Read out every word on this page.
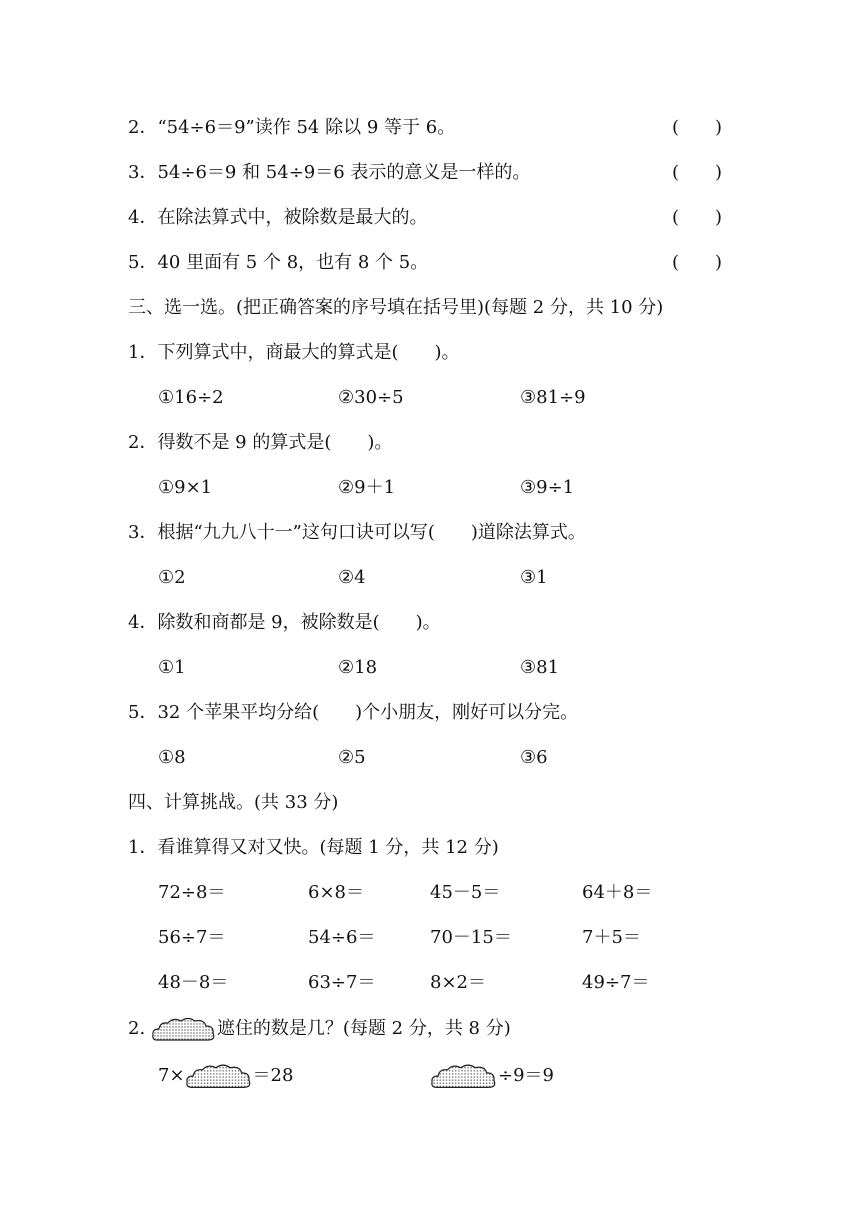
2．“54÷6＝9”读作 54 除以 9 等于 6。	(　　)
3．54÷6＝9 和 54÷9＝6 表示的意义是一样的。	(　　)
4．在除法算式中，被除数是最大的。	(　　)
5．40 里面有 5 个 8，也有 8 个 5。	(　　)
三、选一选。(把正确答案的序号填在括号里)(每题 2 分，共 10 分)
1．下列算式中，商最大的算式是(　　)。
①16÷2	②30÷5	③81÷9
2．得数不是 9 的算式是(　　)。
①9×1	②9＋1	③9÷1
3．根据“九九八十一”这句口诀可以写(　　)道除法算式。
①2	②4	③1
4．除数和商都是 9，被除数是(　　)。
①1	②18	③81
5．32 个苹果平均分给(　　)个小朋友，刚好可以分完。
①8	②5	③6
四、计算挑战。(共 33 分)
1．看谁算得又对又快。(每题 1 分，共 12 分)
72÷8＝	6×8＝	45－5＝	64＋8＝
56÷7＝	54÷6＝	70－15＝	7＋5＝
48－8＝	63÷7＝	8×2＝	49÷7＝
2.	遮住的数是几？(每题 2 分，共 8 分)
7×	＝28	÷9＝9
